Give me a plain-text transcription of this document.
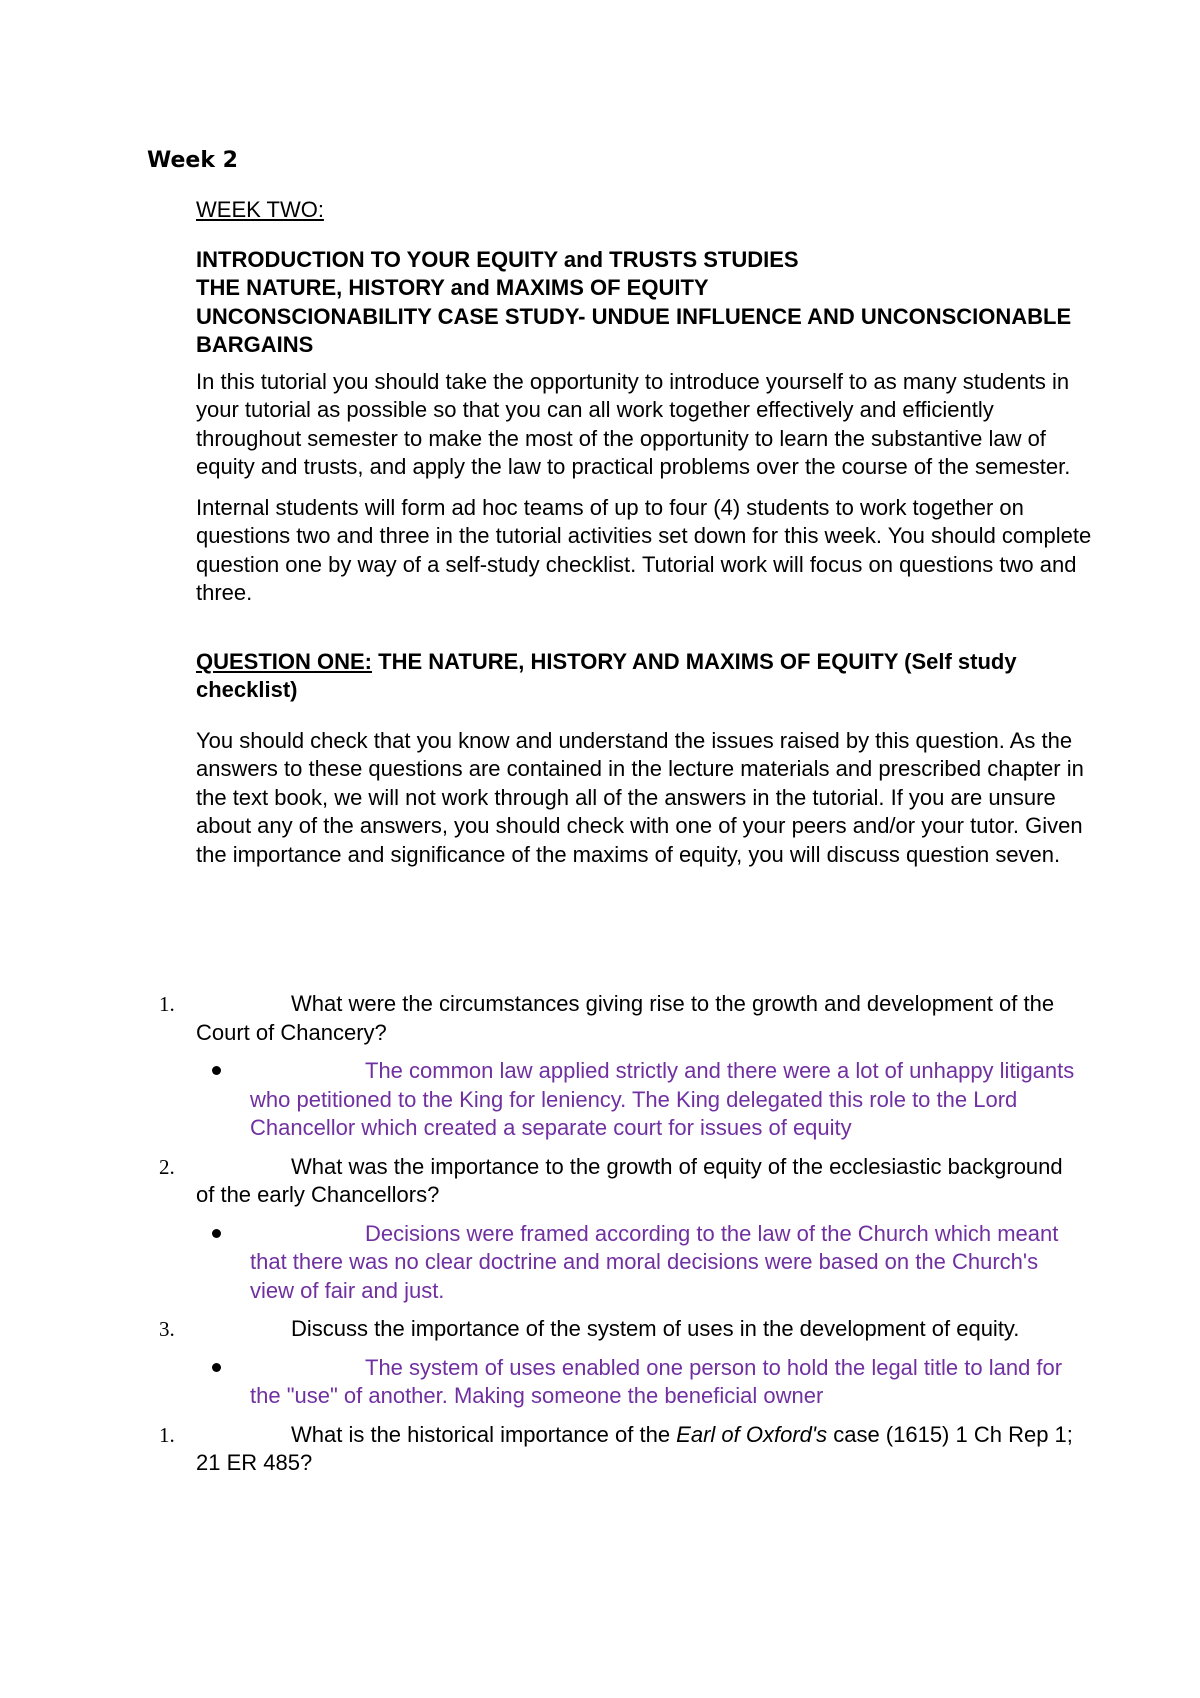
Week 2
WEEK TWO:
INTRODUCTION TO YOUR EQUITY and TRUSTS STUDIES
THE NATURE, HISTORY and MAXIMS OF EQUITY
UNCONSCIONABILITY CASE STUDY- UNDUE INFLUENCE AND UNCONSCIONABLE BARGAINS

In this tutorial you should take the opportunity to introduce yourself to as many students in your tutorial as possible so that you can all work together effectively and efficiently throughout semester to make the most of the opportunity to learn the substantive law of equity and trusts, and apply the law to practical problems over the course of the semester.

Internal students will form ad hoc teams of up to four (4) students to work together on questions two and three in the tutorial activities set down for this week. You should complete question one by way of a self-study checklist. Tutorial work will focus on questions two and three.

QUESTION ONE: THE NATURE, HISTORY AND MAXIMS OF EQUITY (Self study checklist)

You should check that you know and understand the issues raised by this question. As the answers to these questions are contained in the lecture materials and prescribed chapter in the text book, we will not work through all of the answers in the tutorial. If you are unsure about any of the answers, you should check with one of your peers and/or your tutor. Given the importance and significance of the maxims of equity, you will discuss question seven.

1.	What were the circumstances giving rise to the growth and development of the Court of Chancery?
The common law applied strictly and there were a lot of unhappy litigants who petitioned to the King for leniency. The King delegated this role to the Lord Chancellor which created a separate court for issues of equity
2.	What was the importance to the growth of equity of the ecclesiastic background of the early Chancellors?
Decisions were framed according to the law of the Church which meant that there was no clear doctrine and moral decisions were based on the Church's view of fair and just.
3.	Discuss the importance of the system of uses in the development of equity.
The system of uses enabled one person to hold the legal title to land for the "use" of another. Making someone the beneficial owner
1.	What is the historical importance of the Earl of Oxford's case (1615) 1 Ch Rep 1; 21 ER 485?
